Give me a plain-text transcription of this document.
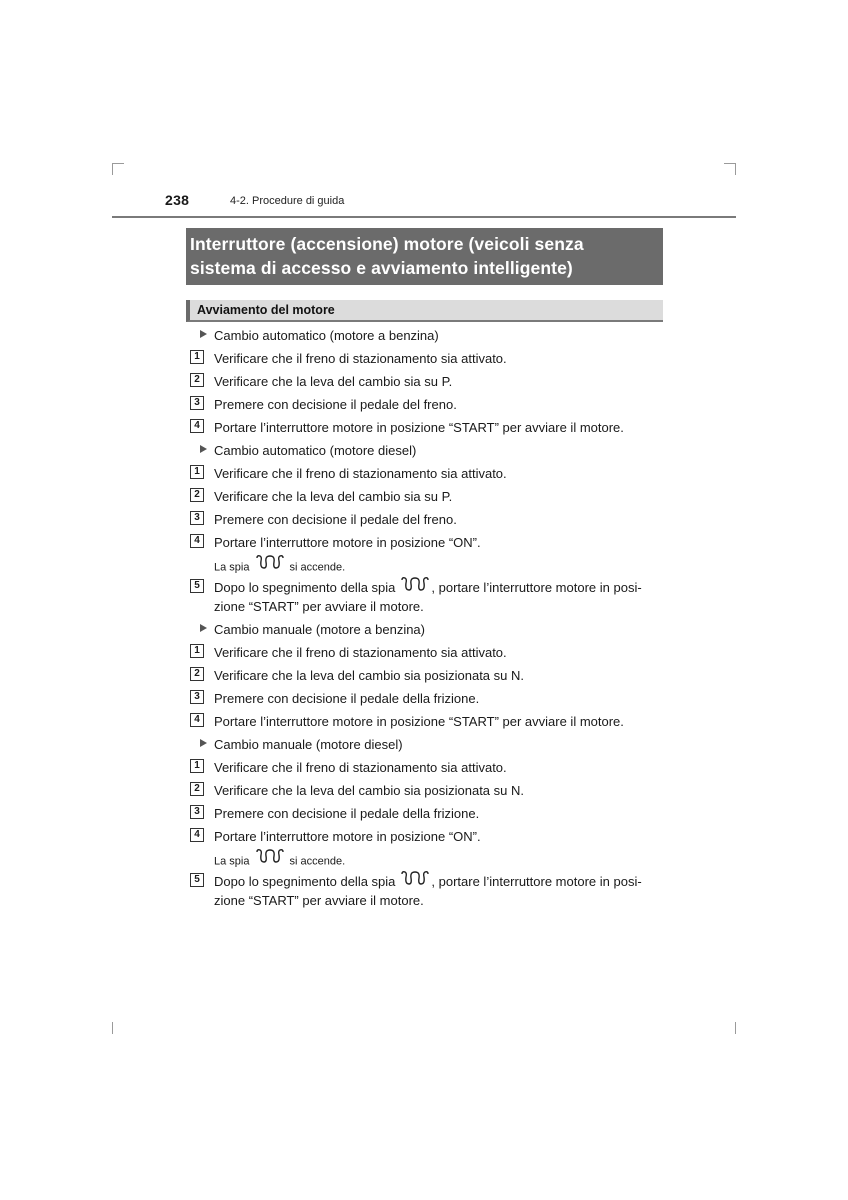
238	4-2. Procedure di guida
Interruttore (accensione) motore (veicoli senza
sistema di accesso e avviamento intelligente)
Avviamento del motore
Cambio automatico (motore a benzina)
1	Verificare che il freno di stazionamento sia attivato.
2	Verificare che la leva del cambio sia su P.
3	Premere con decisione il pedale del freno.
4	Portare l’interruttore motore in posizione “START” per avviare il motore.
Cambio automatico (motore diesel)
1	Verificare che il freno di stazionamento sia attivato.
2	Verificare che la leva del cambio sia su P.
3	Premere con decisione il pedale del freno.
4	Portare l’interruttore motore in posizione “ON”.
La spia	si accende.
5	Dopo lo spegnimento della spia	, portare l’interruttore motore in posi-
zione “START” per avviare il motore.
Cambio manuale (motore a benzina)
1	Verificare che il freno di stazionamento sia attivato.
2	Verificare che la leva del cambio sia posizionata su N.
3	Premere con decisione il pedale della frizione.
4	Portare l’interruttore motore in posizione “START” per avviare il motore.
Cambio manuale (motore diesel)
1	Verificare che il freno di stazionamento sia attivato.
2	Verificare che la leva del cambio sia posizionata su N.
3	Premere con decisione il pedale della frizione.
4	Portare l’interruttore motore in posizione “ON”.
La spia	si accende.
5	Dopo lo spegnimento della spia	, portare l’interruttore motore in posi-
zione “START” per avviare il motore.
